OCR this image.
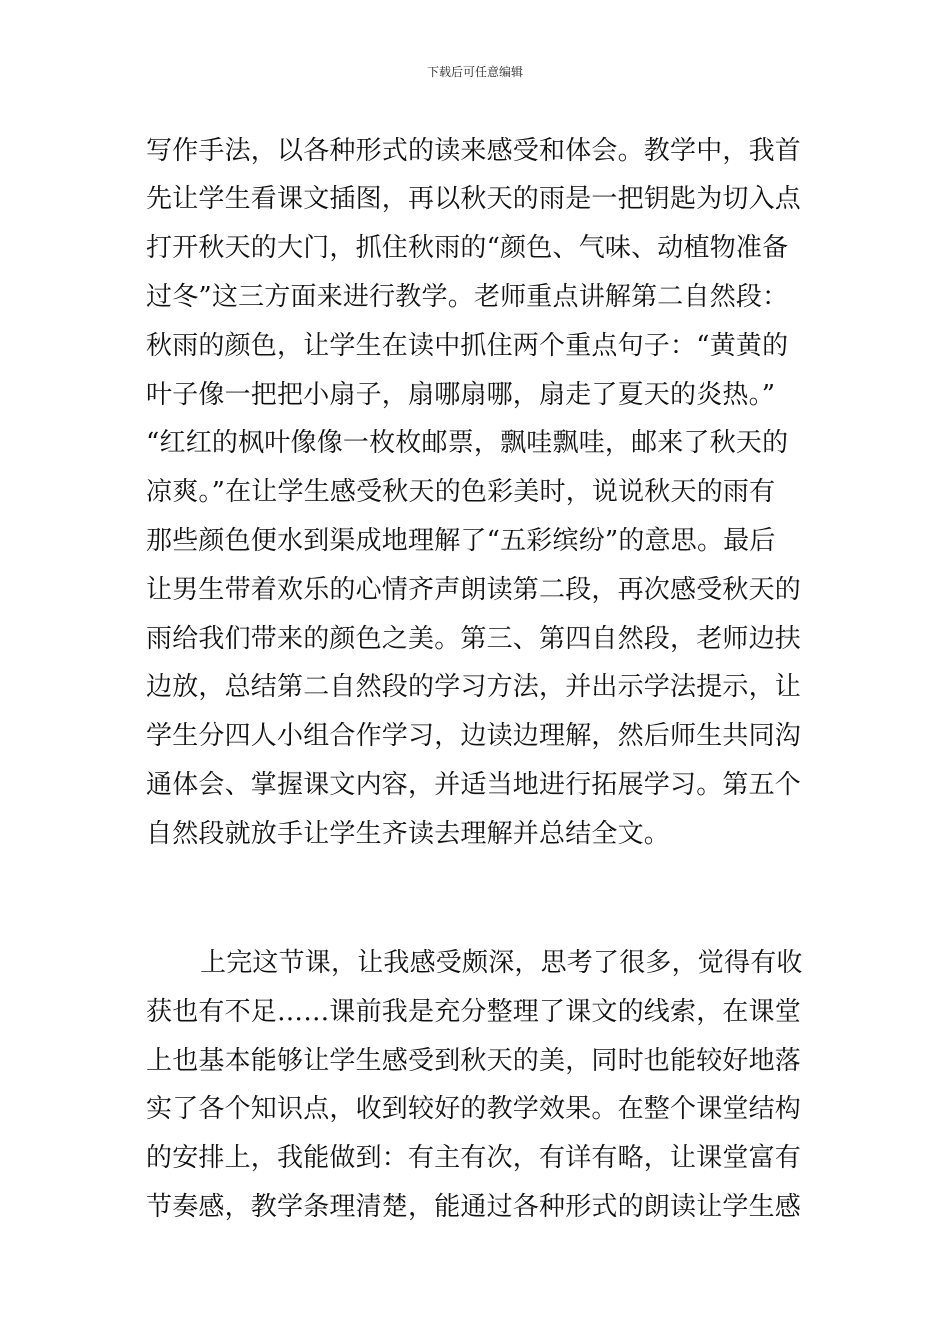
下载后可任意编辑
写作手法，以各种形式的读来感受和体会。教学中，我首
先让学生看课文插图，再以秋天的雨是一把钥匙为切入点
打开秋天的大门，抓住秋雨的“颜色、气味、动植物准备
过冬”这三方面来进行教学。老师重点讲解第二自然段：
秋雨的颜色，让学生在读中抓住两个重点句子：“黄黄的
叶子像一把把小扇子，扇哪扇哪，扇走了夏天的炎热。”
“红红的枫叶像像一枚枚邮票，飘哇飘哇，邮来了秋天的
凉爽。”在让学生感受秋天的色彩美时，说说秋天的雨有
那些颜色便水到渠成地理解了“五彩缤纷”的意思。最后
让男生带着欢乐的心情齐声朗读第二段，再次感受秋天的
雨给我们带来的颜色之美。第三、第四自然段，老师边扶
边放，总结第二自然段的学习方法，并出示学法提示，让
学生分四人小组合作学习，边读边理解，然后师生共同沟
通体会、掌握课文内容，并适当地进行拓展学习。第五个
自然段就放手让学生齐读去理解并总结全文。
上完这节课，让我感受颇深，思考了很多，觉得有收
获也有不足……课前我是充分整理了课文的线索，在课堂
上也基本能够让学生感受到秋天的美，同时也能较好地落
实了各个知识点，收到较好的教学效果。在整个课堂结构
的安排上，我能做到：有主有次，有详有略，让课堂富有
节奏感，教学条理清楚，能通过各种形式的朗读让学生感
